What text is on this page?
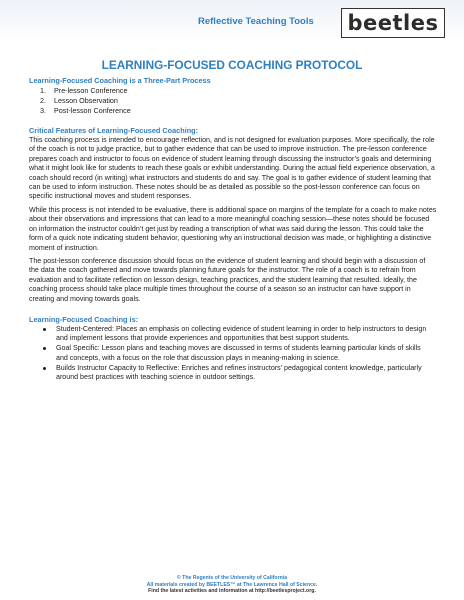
Reflective Teaching Tools beetles
LEARNING-FOCUSED COACHING PROTOCOL
Learning-Focused Coaching is a Three-Part Process
1.	Pre-lesson Conference
2.	Lesson Observation
3.	Post-lesson Conference
Critical Features of Learning-Focused Coaching:

This coaching process is intended to encourage reflection, and is not designed for evaluation purposes. More specifically, the role of the coach is not to judge practice, but to gather evidence that can be used to improve instruction. The pre-lesson conference prepares coach and instructor to focus on evidence of student learning through discussing the instructor’s goals and determining what it might look like for students to reach these goals or exhibit understanding. During the actual field experience observation, a coach should record (in writing) what instructors and students do and say. The goal is to gather evidence of student learning that can be used to inform instruction. These notes should be as detailed as possible so the post-lesson conference can focus on specific instructional moves and student responses.

While this process is not intended to be evaluative, there is additional space on margins of the template for a coach to make notes about their observations and impressions that can lead to a more meaningful coaching session—these notes should be focused on information the instructor couldn’t get just by reading a transcription of what was said during the lesson. This could take the form of a quick note indicating student behavior, questioning why an instructional decision was made, or highlighting a distinctive moment of instruction.

The post-lesson conference discussion should focus on the evidence of student learning and should begin with a discussion of the data the coach gathered and move towards planning future goals for the instructor. The role of a coach is to refrain from evaluation and to facilitate reflection on lesson design, teaching practices, and the student learning that resulted. Ideally, the coaching process should take place multiple times throughout the course of a season so an instructor can have support in creating and moving towards goals.

Learning-Focused Coaching is:
Student-Centered: Places an emphasis on collecting evidence of student learning in order to help instructors to design and implement lessons that provide experiences and opportunities that best support students.
Goal Specific: Lesson plans and teaching moves are discussed in terms of students learning particular kinds of skills and concepts, with a focus on the role that discussion plays in meaning-making in science.
Builds Instructor Capacity to Reflective: Enriches and refines instructors’ pedagogical content knowledge, particularly around best practices with teaching science in outdoor settings.
© The Regents of the University of California
All materials created by BEETLES™ at The Lawrence Hall of Science.
Find the latest activities and information at http://beetlesproject.org.
